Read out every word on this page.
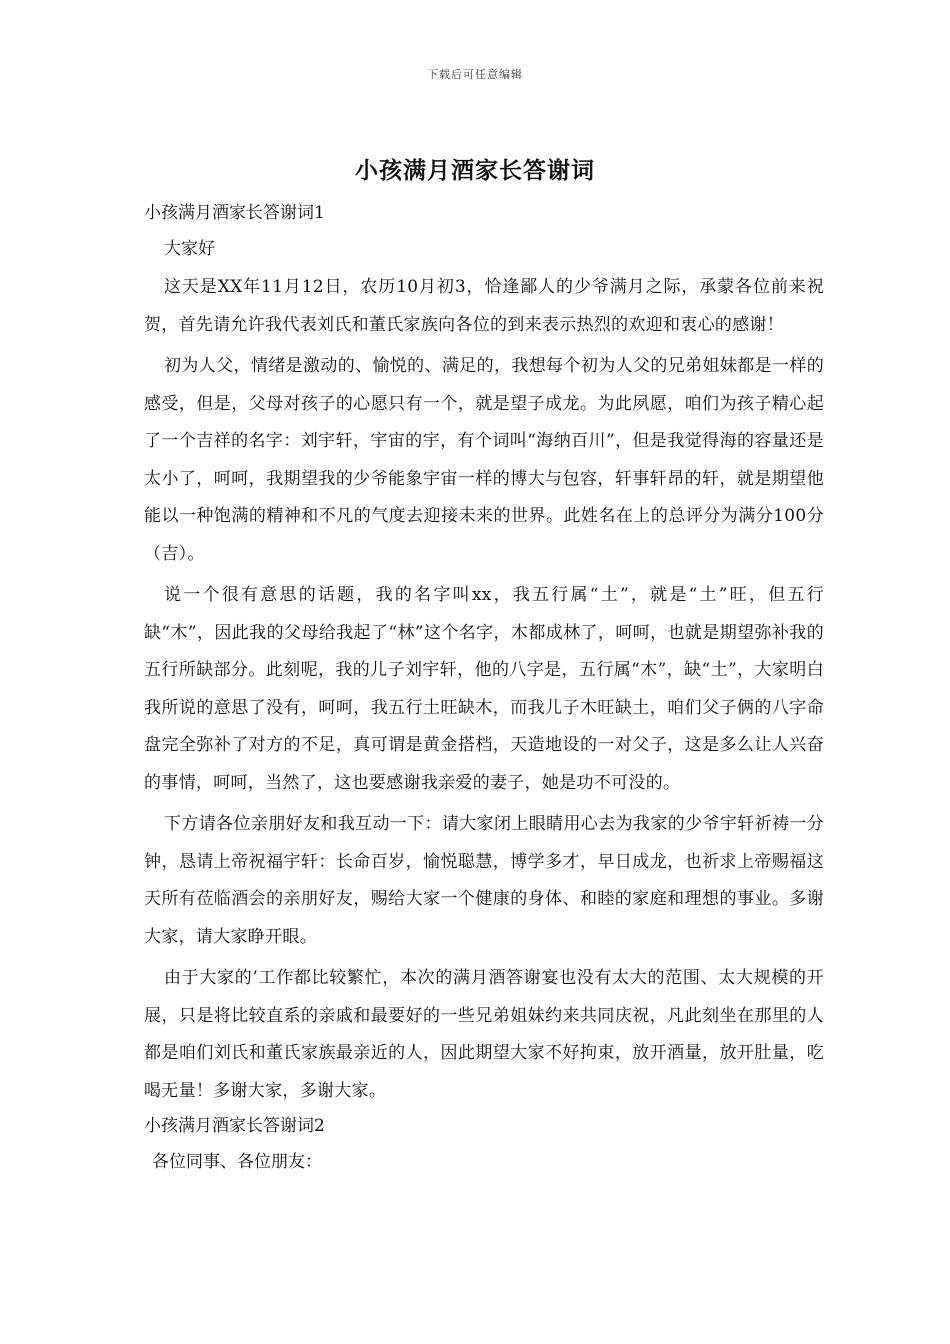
下载后可任意编辑
小孩满月酒家长答谢词

小孩满月酒家长答谢词1

大家好

这天是XX年11月12日，农历10月初3，恰逢鄙人的少爷满月之际，承蒙各位前来祝贺，首先请允许我代表刘氏和董氏家族向各位的到来表示热烈的欢迎和衷心的感谢！

初为人父，情绪是激动的、愉悦的、满足的，我想每个初为人父的兄弟姐妹都是一样的感受，但是，父母对孩子的心愿只有一个，就是望子成龙。为此夙愿，咱们为孩子精心起了一个吉祥的名字：刘宇轩，宇宙的宇，有个词叫“海纳百川”，但是我觉得海的容量还是太小了，呵呵，我期望我的少爷能象宇宙一样的博大与包容，轩事轩昂的轩，就是期望他能以一种饱满的精神和不凡的气度去迎接未来的世界。此姓名在上的总评分为满分100分（吉）。

说一个很有意思的话题，我的名字叫xx，我五行属“土”，就是“土”旺，但五行缺“木”，因此我的父母给我起了“林”这个名字，木都成林了，呵呵，也就是期望弥补我的五行所缺部分。此刻呢，我的儿子刘宇轩，他的八字是，五行属“木”，缺“土”，大家明白我所说的意思了没有，呵呵，我五行土旺缺木，而我儿子木旺缺土，咱们父子俩的八字命盘完全弥补了对方的不足，真可谓是黄金搭档，天造地设的一对父子，这是多么让人兴奋的事情，呵呵，当然了，这也要感谢我亲爱的妻子，她是功不可没的。

下方请各位亲朋好友和我互动一下：请大家闭上眼睛用心去为我家的少爷宇轩祈祷一分钟，恳请上帝祝福宇轩：长命百岁，愉悦聪慧，博学多才，早日成龙，也祈求上帝赐福这天所有莅临酒会的亲朋好友，赐给大家一个健康的身体、和睦的家庭和理想的事业。多谢大家，请大家睁开眼。

由于大家的’工作都比较繁忙，本次的满月酒答谢宴也没有太大的范围、太大规模的开展，只是将比较直系的亲戚和最要好的一些兄弟姐妹约来共同庆祝，凡此刻坐在那里的人都是咱们刘氏和董氏家族最亲近的人，因此期望大家不好拘束，放开酒量，放开肚量，吃喝无量！多谢大家，多谢大家。

小孩满月酒家长答谢词2

各位同事、各位朋友：
